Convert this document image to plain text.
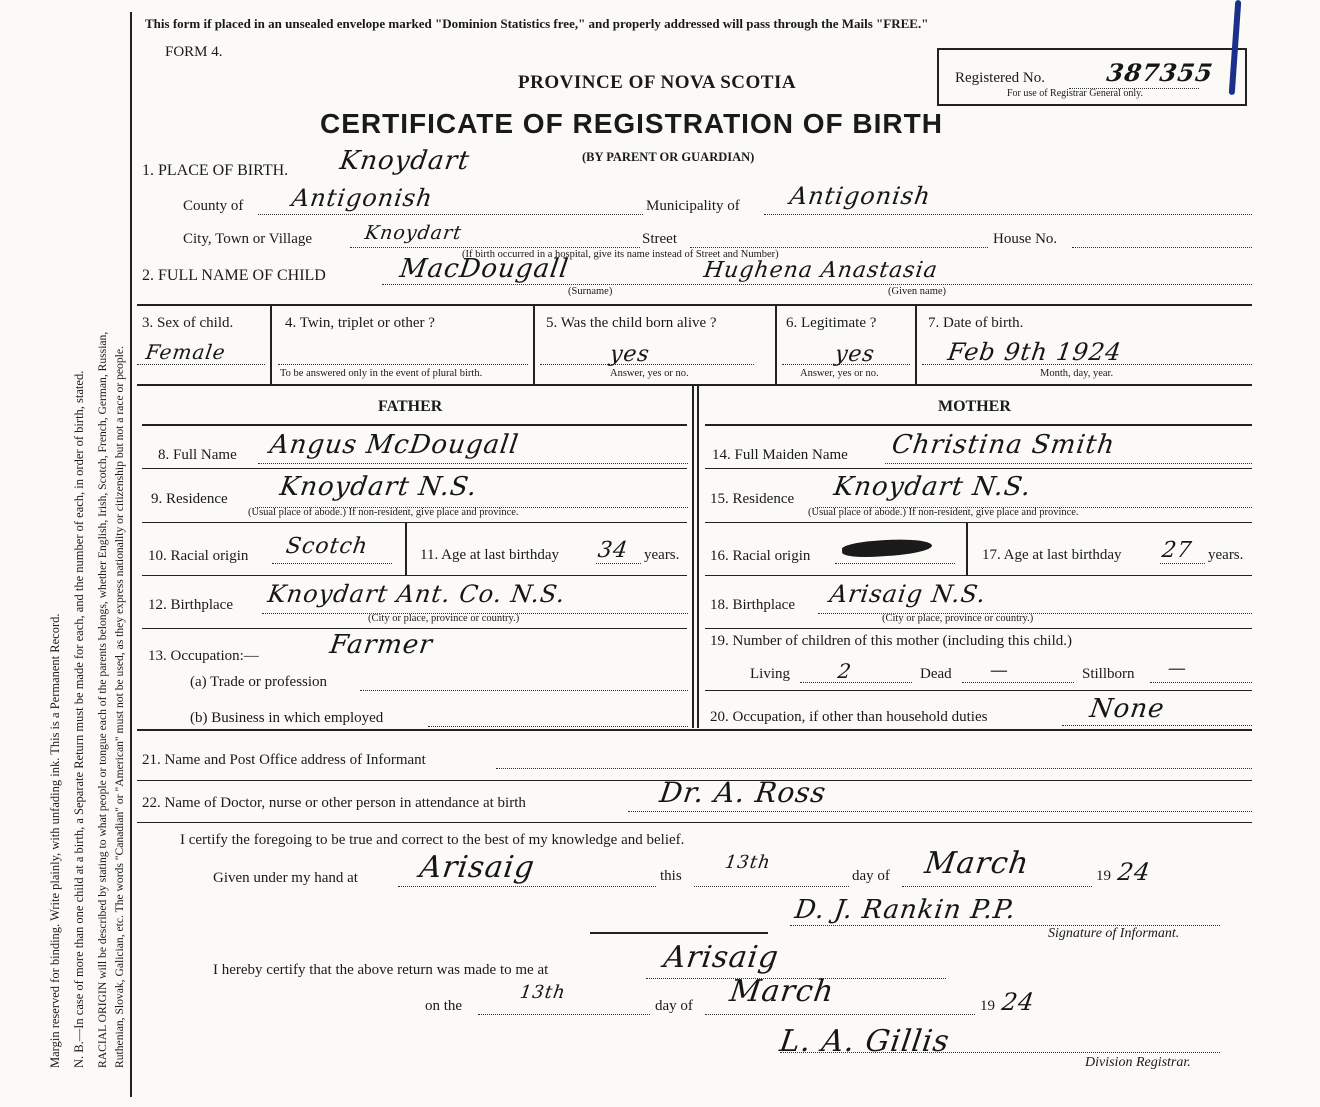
Margin reserved for binding. Write plainly, with unfading ink. This is a Permanent Record. N. B.—In case of more than one child at a birth, a Separate Return must be made for each, and the number of each, in order of birth, stated. RACIAL ORIGIN will be described by stating to what people or tongue each of the parents belongs, whether English, Irish, Scotch, French, German, Russian, Ruthenian, Slovak, Galician, etc. The words "Canadian" or "American" must not be used, as they express nationality or citizenship but not a race or people.
This form if placed in an unsealed envelope marked "Dominion Statistics free," and properly addressed will pass through the Mails "FREE."
FORM 4.
PROVINCE OF NOVA SCOTIA
CERTIFICATE OF REGISTRATION OF BIRTH
(BY PARENT OR GUARDIAN)
Registered No. 387355
For use of Registrar General only.
1. PLACE OF BIRTH. Knoydart
County of Antigonish	Municipality of Antigonish
City, Town or Village	Knoydart	Street	House No.
(If birth occurred in a hospital, give its name instead of Street and Number)
2. FULL NAME OF CHILD	MacDougall	Hughena Anastasia
(Surname)	(Given name)
3. Sex of child.
Female
4. Twin, triplet or other ?
To be answered only in the event of plural birth.
5. Was the child born alive ?
yes
Answer, yes or no.
6. Legitimate ?
yes
Answer, yes or no.
7. Date of birth.
Feb 9th 1924
Month, day, year.
FATHER	MOTHER
8. Full Name Angus McDougall
9. Residence Knoydart N.S.
(Usual place of abode.) If non-resident, give place and province.
10. Racial origin Scotch	11. Age at last birthday 34 years.
12. Birthplace Knoydart Ant. Co. N.S.
(City or place, province or country.)
13. Occupation:—	Farmer
(a) Trade or profession
(b) Business in which employed
14. Full Maiden Name Christina Smith
15. Residence Knoydart N.S.
(Usual place of abode.) If non-resident, give place and province.
16. Racial origin	17. Age at last birthday 27 years.
18. Birthplace Arisaig N.S.
(City or place, province or country.)
19. Number of children of this mother (including this child.)
Living 2	Dead —	Stillborn —
20. Occupation, if other than household duties	None
21. Name and Post Office address of Informant
22. Name of Doctor, nurse or other person in attendance at birth	Dr. A. Ross
I certify the foregoing to be true and correct to the best of my knowledge and belief.
Given under my hand at Arisaig	this
13th
day of March	19 24
D. J. Rankin P.P.
Signature of Informant.
I hereby certify that the above return was made to me at	Arisaig
on the
13th
day of March	19 24
L. A. Gillis
Division Registrar.
